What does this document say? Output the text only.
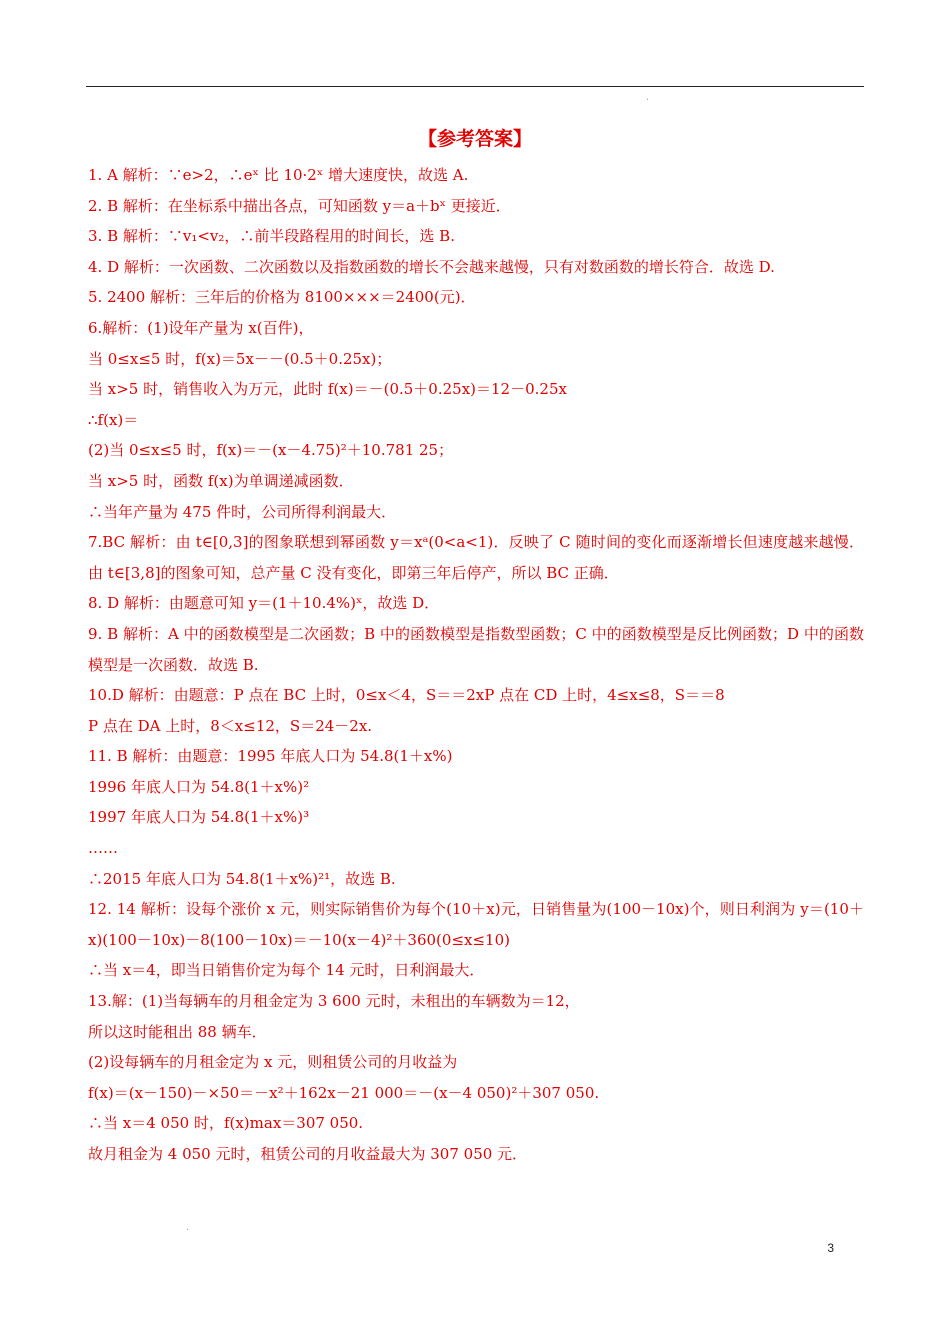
.
【参考答案】
1. A 解析：∵e>2，∴eˣ 比 10·2ˣ 增大速度快，故选 A.
2. B 解析：在坐标系中描出各点，可知函数 y＝a＋bˣ 更接近．
3. B 解析：∵v₁<v₂，∴前半段路程用的时间长，选 B.
4. D 解析：一次函数、二次函数以及指数函数的增长不会越来越慢，只有对数函数的增长符合．故选 D.
5. 2400 解析：三年后的价格为 8100×××＝2400(元)．
6.解析：(1)设年产量为 x(百件)，
当 0≤x≤5 时，f(x)＝5x－－(0.5＋0.25x)；
当 x>5 时，销售收入为万元，此时 f(x)＝－(0.5＋0.25x)＝12－0.25x
∴f(x)＝
(2)当 0≤x≤5 时，f(x)＝－(x－4.75)²＋10.781 25；
当 x>5 时，函数 f(x)为单调递减函数．
∴当年产量为 475 件时，公司所得利润最大．
7.BC 解析：由 t∈[0,3]的图象联想到幂函数 y＝xᵃ(0<a<1)．反映了 C 随时间的变化而逐渐增长但速度越来越慢．由 t∈[3,8]的图象可知，总产量 C 没有变化，即第三年后停产，所以 BC 正确．
8. D 解析：由题意可知 y＝(1＋10.4%)ˣ，故选 D．
9. B 解析：A 中的函数模型是二次函数；B 中的函数模型是指数型函数；C 中的函数模型是反比例函数；D 中的函数模型是一次函数．故选 B.
10.D 解析：由题意：P 点在 BC 上时，0≤x＜4，S＝＝2xP 点在 CD 上时，4≤x≤8，S＝＝8
P 点在 DA 上时，8＜x≤12，S＝24－2x.
11. B 解析：由题意：1995 年底人口为 54.8(1＋x%)
1996 年底人口为 54.8(1＋x%)²
1997 年底人口为 54.8(1＋x%)³
……
∴2015 年底人口为 54.8(1＋x%)²¹，故选 B.
12. 14 解析：设每个涨价 x 元，则实际销售价为每个(10＋x)元，日销售量为(100－10x)个，则日利润为 y＝(10＋x)(100－10x)－8(100－10x)＝－10(x－4)²＋360(0≤x≤10)
∴当 x＝4，即当日销售价定为每个 14 元时，日利润最大．
13.解：(1)当每辆车的月租金定为 3 600 元时，未租出的车辆数为＝12，
所以这时能租出 88 辆车．
(2)设每辆车的月租金定为 x 元，则租赁公司的月收益为
f(x)＝(x－150)－×50＝－x²＋162x－21 000＝－(x－4 050)²＋307 050.
∴当 x＝4 050 时，f(x)max＝307 050.
故月租金为 4 050 元时，租赁公司的月收益最大为 307 050 元．
.
3
